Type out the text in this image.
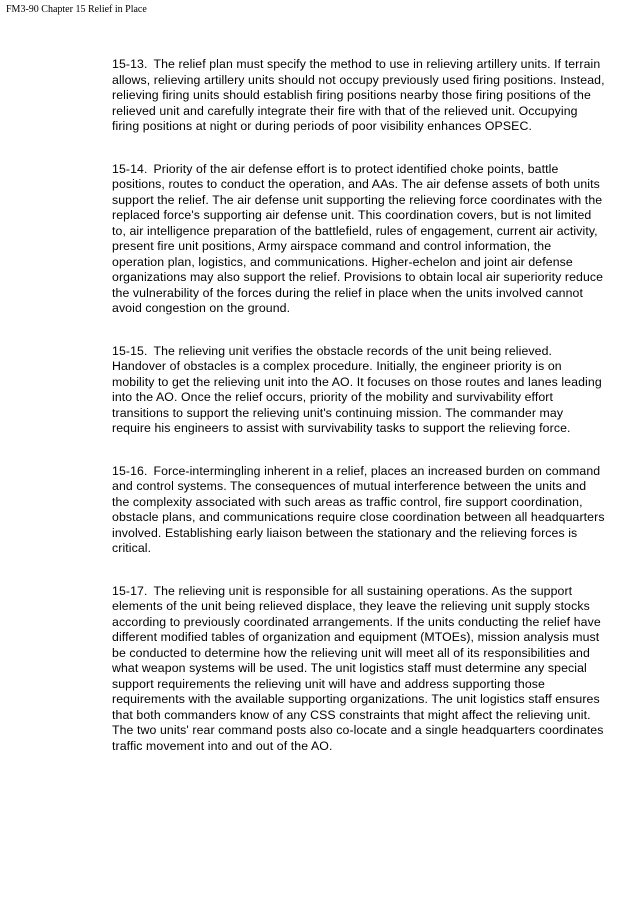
FM3-90 Chapter 15 Relief in Place

15-13. The relief plan must specify the method to use in relieving artillery units. If terrain allows, relieving artillery units should not occupy previously used firing positions. Instead, relieving firing units should establish firing positions nearby those firing positions of the relieved unit and carefully integrate their fire with that of the relieved unit. Occupying firing positions at night or during periods of poor visibility enhances OPSEC.

15-14. Priority of the air defense effort is to protect identified choke points, battle positions, routes to conduct the operation, and AAs. The air defense assets of both units support the relief. The air defense unit supporting the relieving force coordinates with the replaced force's supporting air defense unit. This coordination covers, but is not limited to, air intelligence preparation of the battlefield, rules of engagement, current air activity, present fire unit positions, Army airspace command and control information, the operation plan, logistics, and communications. Higher-echelon and joint air defense organizations may also support the relief. Provisions to obtain local air superiority reduce the vulnerability of the forces during the relief in place when the units involved cannot avoid congestion on the ground.

15-15. The relieving unit verifies the obstacle records of the unit being relieved. Handover of obstacles is a complex procedure. Initially, the engineer priority is on mobility to get the relieving unit into the AO. It focuses on those routes and lanes leading into the AO. Once the relief occurs, priority of the mobility and survivability effort transitions to support the relieving unit's continuing mission. The commander may require his engineers to assist with survivability tasks to support the relieving force.

15-16. Force-intermingling inherent in a relief, places an increased burden on command and control systems. The consequences of mutual interference between the units and the complexity associated with such areas as traffic control, fire support coordination, obstacle plans, and communications require close coordination between all headquarters involved. Establishing early liaison between the stationary and the relieving forces is critical.

15-17. The relieving unit is responsible for all sustaining operations. As the support elements of the unit being relieved displace, they leave the relieving unit supply stocks according to previously coordinated arrangements. If the units conducting the relief have different modified tables of organization and equipment (MTOEs), mission analysis must be conducted to determine how the relieving unit will meet all of its responsibilities and what weapon systems will be used. The unit logistics staff must determine any special support requirements the relieving unit will have and address supporting those requirements with the available supporting organizations. The unit logistics staff ensures that both commanders know of any CSS constraints that might affect the relieving unit. The two units' rear command posts also co-locate and a single headquarters coordinates traffic movement into and out of the AO.
